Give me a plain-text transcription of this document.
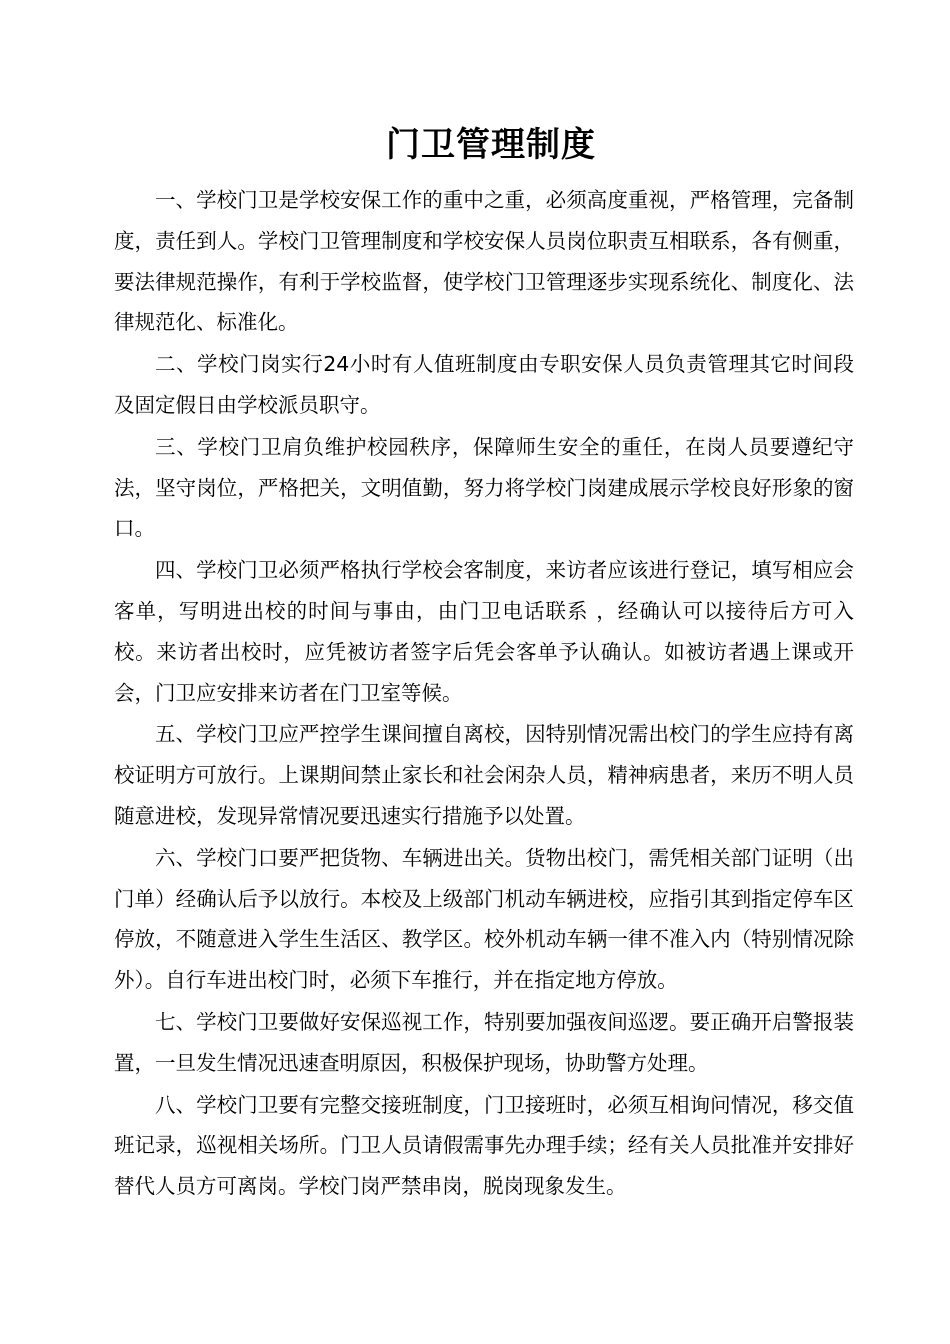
门卫管理制度

一、学校门卫是学校安保工作的重中之重，必须高度重视，严格管理，完备制度，责任到人。学校门卫管理制度和学校安保人员岗位职责互相联系，各有侧重，要法律规范操作，有利于学校监督，使学校门卫管理逐步实现系统化、制度化、法律规范化、标准化。

二、学校门岗实行24小时有人值班制度由专职安保人员负责管理其它时间段及固定假日由学校派员职守。

三、学校门卫肩负维护校园秩序，保障师生安全的重任，在岗人员要遵纪守法，坚守岗位，严格把关，文明值勤，努力将学校门岗建成展示学校良好形象的窗口。

四、学校门卫必须严格执行学校会客制度，来访者应该进行登记，填写相应会客单，写明进出校的时间与事由，由门卫电话联系 ，经确认可以接待后方可入校。来访者出校时，应凭被访者签字后凭会客单予认确认。如被访者遇上课或开会，门卫应安排来访者在门卫室等候。

五、学校门卫应严控学生课间擅自离校，因特别情况需出校门的学生应持有离校证明方可放行。上课期间禁止家长和社会闲杂人员，精神病患者，来历不明人员随意进校，发现异常情况要迅速实行措施予以处置。

六、学校门口要严把货物、车辆进出关。货物出校门，需凭相关部门证明（出门单）经确认后予以放行。本校及上级部门机动车辆进校，应指引其到指定停车区停放，不随意进入学生生活区、教学区。校外机动车辆一律不准入内（特别情况除外）。自行车进出校门时，必须下车推行，并在指定地方停放。

七、学校门卫要做好安保巡视工作，特别要加强夜间巡逻。要正确开启警报装置，一旦发生情况迅速查明原因，积极保护现场，协助警方处理。

八、学校门卫要有完整交接班制度，门卫接班时，必须互相询问情况，移交值班记录，巡视相关场所。门卫人员请假需事先办理手续；经有关人员批准并安排好替代人员方可离岗。学校门岗严禁串岗，脱岗现象发生。
